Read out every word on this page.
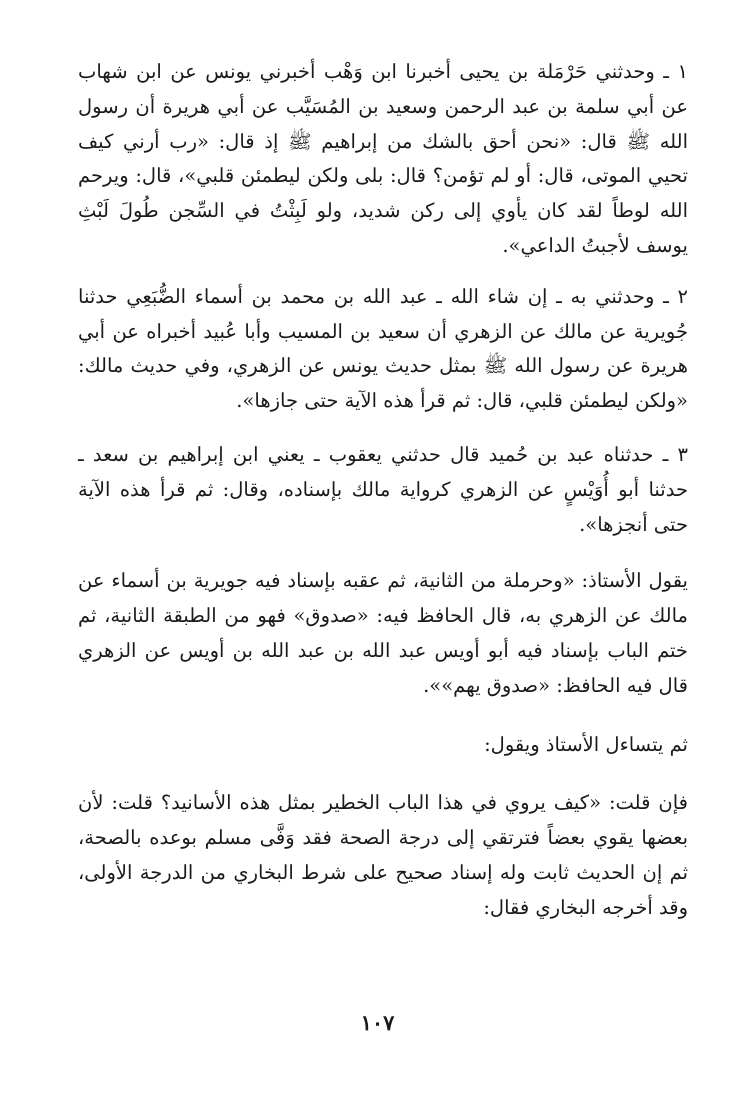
١ ـ وحدثني حَرْمَلة بن يحيى أخبرنا ابن وَهْب أخبرني يونس عن ابن شهاب عن أبي سلمة بن عبد الرحمن وسعيد بن المُسَيَّب عن أبي هريرة أن رسول الله ﷺ قال: «نحن أحق بالشك من إبراهيم ﷺ إذ قال: «رب أرني كيف تحيي الموتى، قال: أو لم تؤمن؟ قال: بلى ولكن ليطمئن قلبي»، قال: ويرحم الله لوطاً لقد كان يأوي إلى ركن شديد، ولو لَبِثْتُ في السِّجن طُولَ لَبْثِ يوسف لأجبتُ الداعي».

٢ ـ وحدثني به ـ إن شاء الله ـ عبد الله بن محمد بن أسماء الضُّبَعِي حدثنا جُويرية عن مالك عن الزهري أن سعيد بن المسيب وأبا عُبيد أخبراه عن أبي هريرة عن رسول الله ﷺ بمثل حديث يونس عن الزهري، وفي حديث مالك: «ولكن ليطمئن قلبي، قال: ثم قرأ هذه الآية حتى جازها».

٣ ـ حدثناه عبد بن حُميد قال حدثني يعقوب ـ يعني ابن إبراهيم بن سعد ـ حدثنا أبو أُوَيْسٍ عن الزهري كرواية مالك بإسناده، وقال: ثم قرأ هذه الآية حتى أنجزها».

يقول الأستاذ: «وحرملة من الثانية، ثم عقبه بإسناد فيه جويرية بن أسماء عن مالك عن الزهري به، قال الحافظ فيه: «صدوق» فهو من الطبقة الثانية، ثم ختم الباب بإسناد فيه أبو أويس عبد الله بن عبد الله بن أويس عن الزهري قال فيه الحافظ: «صدوق يهم»».

ثم يتساءل الأستاذ ويقول:

فإن قلت: «كيف يروي في هذا الباب الخطير بمثل هذه الأسانيد؟ قلت: لأن بعضها يقوي بعضاً فترتقي إلى درجة الصحة فقد وَفَّى مسلم بوعده بالصحة، ثم إن الحديث ثابت وله إسناد صحيح على شرط البخاري من الدرجة الأولى، وقد أخرجه البخاري فقال:

١٠٧
